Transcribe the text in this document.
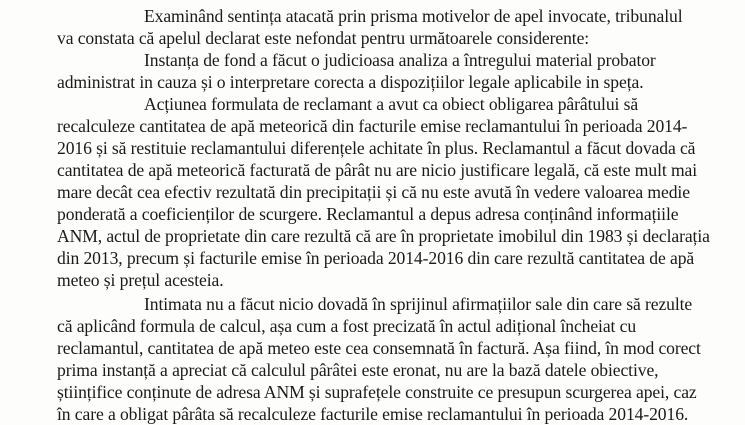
Examinând sentința atacată prin prisma motivelor de apel invocate, tribunalul

va constata că apelul declarat este nefondat pentru următoarele considerente:

Instanța de fond a făcut o judicioasa analiza a întregului material probator

administrat in cauza și o interpretare corecta a dispozițiilor legale aplicabile in speța.

Acțiunea formulata de reclamant a avut ca obiect obligarea pârâtului să

recalculeze cantitatea de apă meteorică din facturile emise reclamantului în perioada 2014-

2016 și să restituie reclamantului diferențele achitate în plus. Reclamantul a făcut dovada că

cantitatea de apă meteorică facturată de pârât nu are nicio justificare legală, că este mult mai

mare decât cea efectiv rezultată din precipitații și că nu este avută în vedere valoarea medie

ponderată a coeficienților de scurgere. Reclamantul a depus adresa conținând informațiile

ANM, actul de proprietate din care rezultă că are în proprietate imobilul din 1983 și declarația

din 2013, precum și facturile emise în perioada 2014-2016 din care rezultă cantitatea de apă

meteo și prețul acesteia.

Intimata nu a făcut nicio dovadă în sprijinul afirmațiilor sale din care să rezulte

că aplicând formula de calcul, așa cum a fost precizată în actul adițional încheiat cu

reclamantul, cantitatea de apă meteo este cea consemnată în factură. Așa fiind, în mod corect

prima instanță a apreciat că calculul pârâtei este eronat, nu are la bază datele obiective,

științifice conținute de adresa ANM și suprafețele construite ce presupun scurgerea apei, caz

în care a obligat pârâta să recalculeze facturile emise reclamantului în perioada 2014-2016.
